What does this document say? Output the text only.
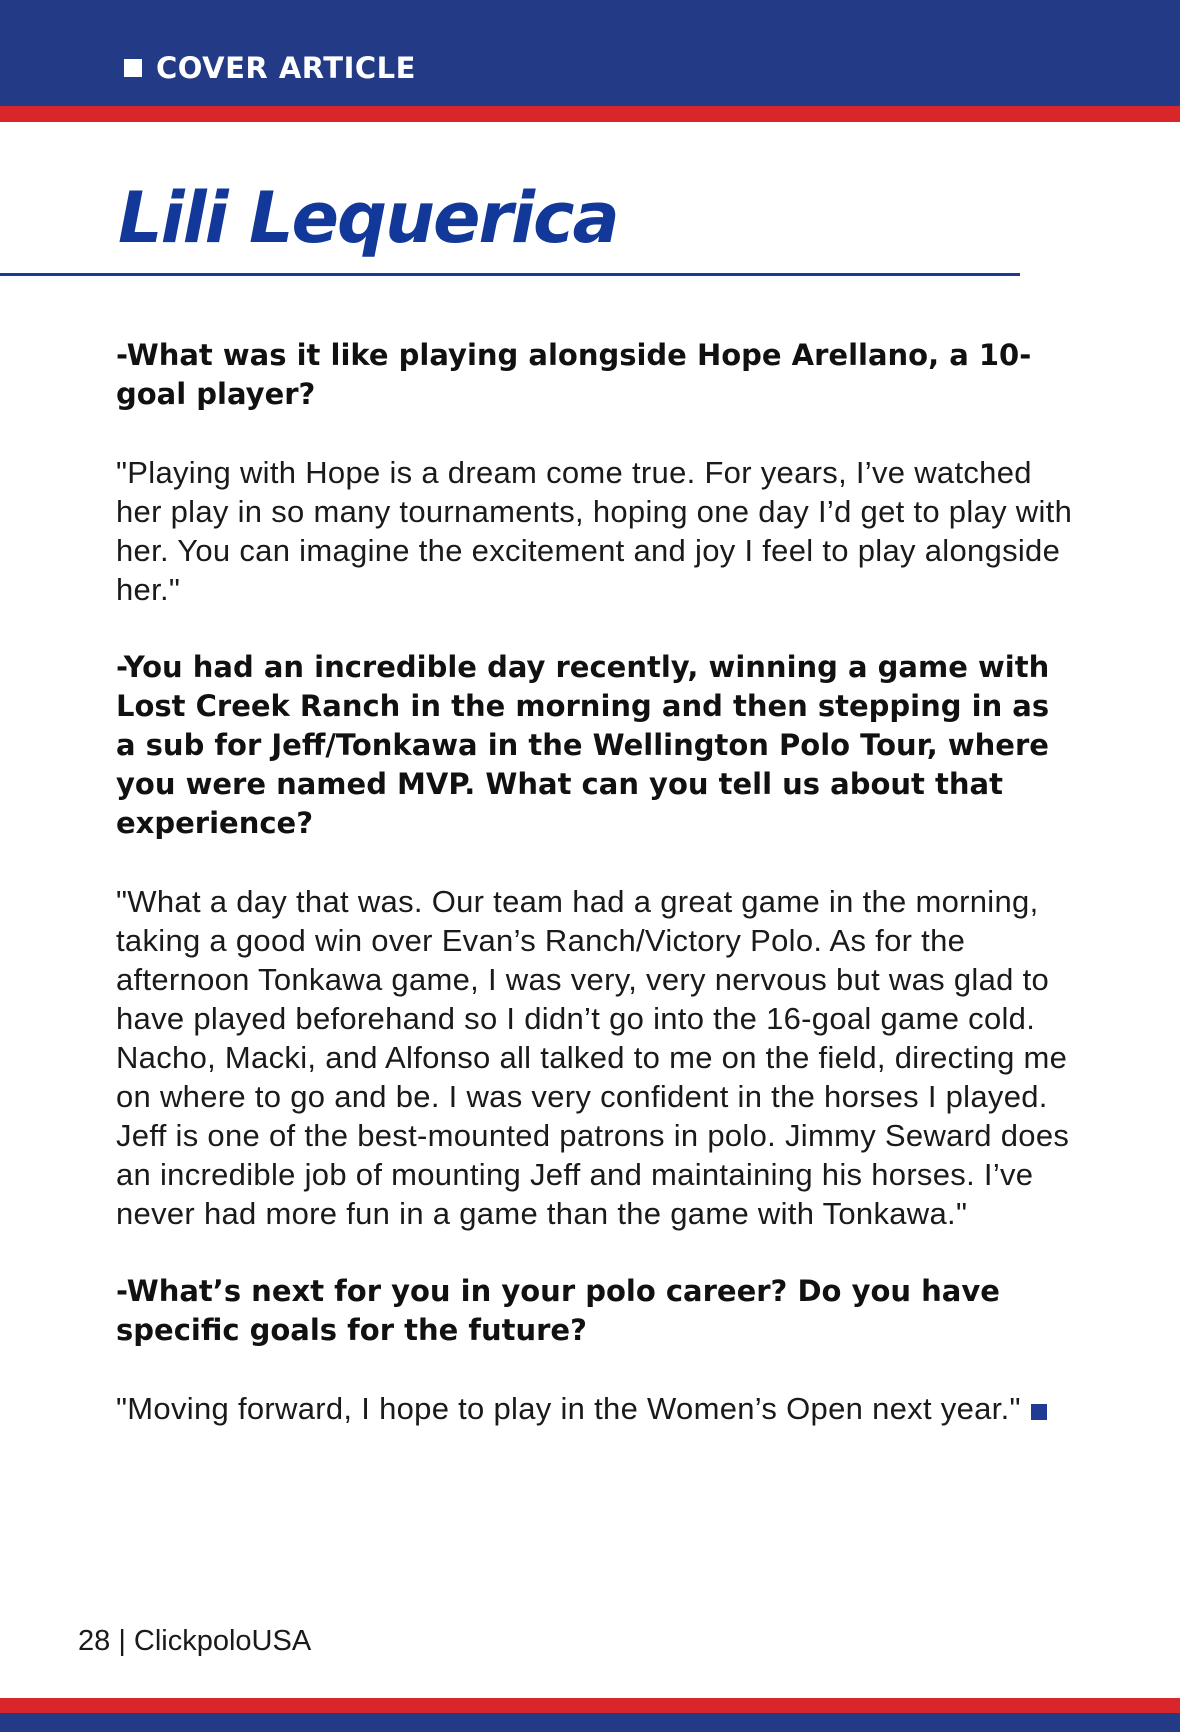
COVER ARTICLE
Lili Lequerica

-What was it like playing alongside Hope Arellano, a 10-goal player?

"Playing with Hope is a dream come true. For years, I’ve watched her play in so many tournaments, hoping one day I’d get to play with her. You can imagine the excitement and joy I feel to play alongside her."

-You had an incredible day recently, winning a game with Lost Creek Ranch in the morning and then stepping in as a sub for Jeff/Tonkawa in the Wellington Polo Tour, where you were named MVP. What can you tell us about that experience?

"What a day that was. Our team had a great game in the morning, taking a good win over Evan’s Ranch/Victory Polo. As for the afternoon Tonkawa game, I was very, very nervous but was glad to have played beforehand so I didn’t go into the 16-goal game cold. Nacho, Macki, and Alfonso all talked to me on the field, directing me on where to go and be. I was very confident in the horses I played. Jeff is one of the best-mounted patrons in polo. Jimmy Seward does an incredible job of mounting Jeff and maintaining his horses. I’ve never had more fun in a game than the game with Tonkawa."

-What’s next for you in your polo career? Do you have specific goals for the future?

"Moving forward, I hope to play in the Women’s Open next year."

28 | ClickpoloUSA
